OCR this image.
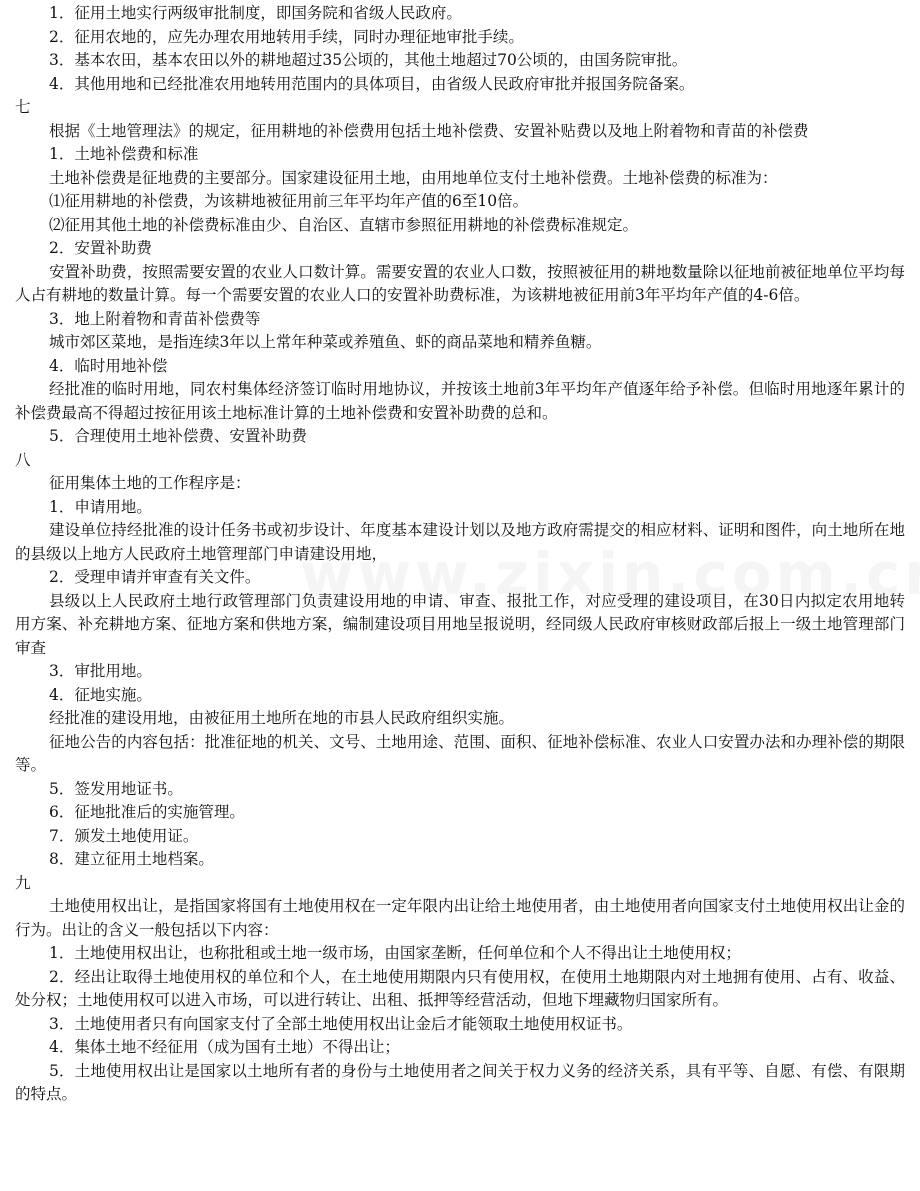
1．征用土地实行两级审批制度，即国务院和省级人民政府。

2．征用农地的，应先办理农用地转用手续，同时办理征地审批手续。

3．基本农田，基本农田以外的耕地超过35公顷的，其他土地超过70公顷的，由国务院审批。

4．其他用地和已经批准农用地转用范围内的具体项目，由省级人民政府审批并报国务院备案。

七

根据《土地管理法》的规定，征用耕地的补偿费用包括土地补偿费、安置补贴费以及地上附着物和青苗的补偿费

1．土地补偿费和标准

土地补偿费是征地费的主要部分。国家建设征用土地，由用地单位支付土地补偿费。土地补偿费的标准为：

⑴征用耕地的补偿费，为该耕地被征用前三年平均年产值的6至10倍。

⑵征用其他土地的补偿费标准由少、自治区、直辖市参照征用耕地的补偿费标准规定。

2．安置补助费

安置补助费，按照需要安置的农业人口数计算。需要安置的农业人口数，按照被征用的耕地数量除以征地前被征地单位平均每人占有耕地的数量计算。每一个需要安置的农业人口的安置补助费标准，为该耕地被征用前3年平均年产值的4-6倍。

3．地上附着物和青苗补偿费等

城市郊区菜地，是指连续3年以上常年种菜或养殖鱼、虾的商品菜地和精养鱼糖。

4．临时用地补偿

经批准的临时用地，同农村集体经济签订临时用地协议，并按该土地前3年平均年产值逐年给予补偿。但临时用地逐年累计的补偿费最高不得超过按征用该土地标准计算的土地补偿费和安置补助费的总和。

5．合理使用土地补偿费、安置补助费

八

征用集体土地的工作程序是：

1．申请用地。

建设单位持经批准的设计任务书或初步设计、年度基本建设计划以及地方政府需提交的相应材料、证明和图件，向土地所在地的县级以上地方人民政府土地管理部门申请建设用地，

2．受理申请并审查有关文件。

县级以上人民政府土地行政管理部门负责建设用地的申请、审查、报批工作，对应受理的建设项目，在30日内拟定农用地转用方案、补充耕地方案、征地方案和供地方案，编制建设项目用地呈报说明，经同级人民政府审核财政部后报上一级土地管理部门审查

3．审批用地。

4．征地实施。

经批准的建设用地，由被征用土地所在地的市县人民政府组织实施。

征地公告的内容包括：批准征地的机关、文号、土地用途、范围、面积、征地补偿标准、农业人口安置办法和办理补偿的期限等。

5．签发用地证书。

6．征地批准后的实施管理。

7．颁发土地使用证。

8．建立征用土地档案。

九

土地使用权出让，是指国家将国有土地使用权在一定年限内出让给土地使用者，由土地使用者向国家支付土地使用权出让金的行为。出让的含义一般包括以下内容：

1．土地使用权出让，也称批租或土地一级市场，由国家垄断，任何单位和个人不得出让土地使用权；

2．经出让取得土地使用权的单位和个人，在土地使用期限内只有使用权，在使用土地期限内对土地拥有使用、占有、收益、处分权；土地使用权可以进入市场，可以进行转让、出租、抵押等经营活动，但地下埋藏物归国家所有。

3．土地使用者只有向国家支付了全部土地使用权出让金后才能领取土地使用权证书。

4．集体土地不经征用（成为国有土地）不得出让；

5．土地使用权出让是国家以土地所有者的身份与土地使用者之间关于权力义务的经济关系，具有平等、自愿、有偿、有限期的特点。
